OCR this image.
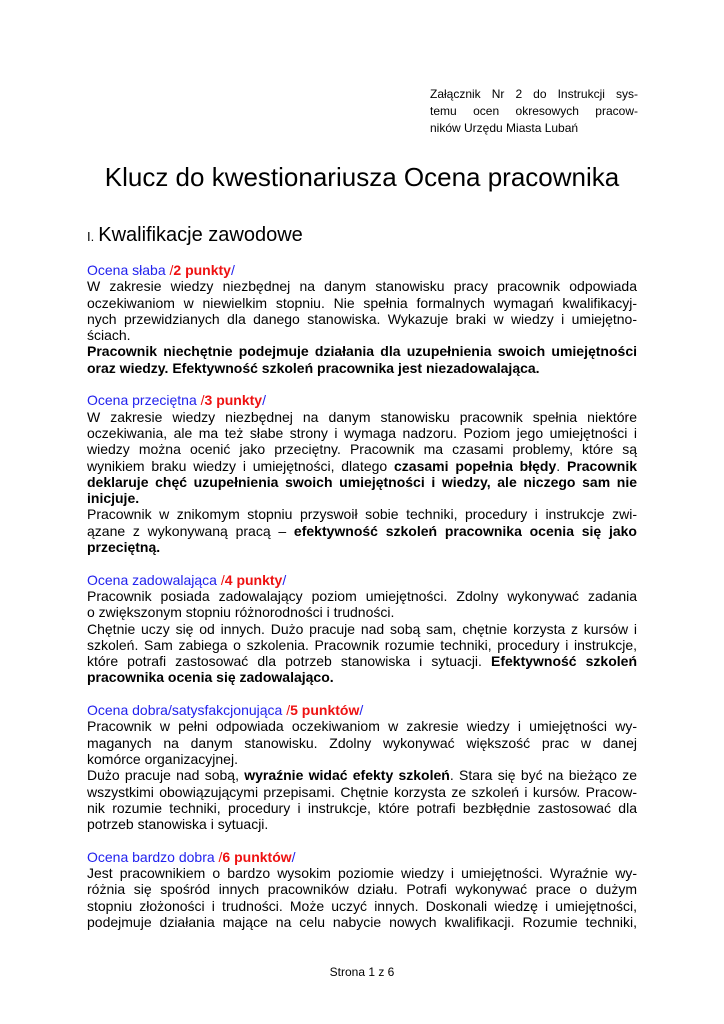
Załącznik Nr 2 do Instrukcji sys-
temu ocen okresowych pracow-
ników Urzędu Miasta Lubań
Klucz do kwestionariusza Ocena pracownika
I. Kwalifikacje zawodowe
Ocena słaba /2 punkty/
W zakresie wiedzy niezbędnej na danym stanowisku pracy pracownik odpowiada
oczekiwaniom w niewielkim stopniu. Nie spełnia formalnych wymagań kwalifikacyj-
nych przewidzianych dla danego stanowiska. Wykazuje braki w wiedzy i umiejętno-
ściach.
Pracownik niechętnie podejmuje działania dla uzupełnienia swoich umiejętności
oraz wiedzy. Efektywność szkoleń pracownika jest niezadowalająca.
Ocena przeciętna /3 punkty/
W zakresie wiedzy niezbędnej na danym stanowisku pracownik spełnia niektóre
oczekiwania, ale ma też słabe strony i wymaga nadzoru. Poziom jego umiejętności i
wiedzy można ocenić jako przeciętny. Pracownik ma czasami problemy, które są
wynikiem braku wiedzy i umiejętności, dlatego czasami popełnia błędy. Pracownik
deklaruje chęć uzupełnienia swoich umiejętności i wiedzy, ale niczego sam nie
inicjuje.
Pracownik w znikomym stopniu przyswoił sobie techniki, procedury i instrukcje zwi-
ązane z wykonywaną pracą – efektywność szkoleń pracownika ocenia się jako
przeciętną.
Ocena zadowalająca /4 punkty/
Pracownik posiada zadowalający poziom umiejętności. Zdolny wykonywać zadania
o zwiększonym stopniu różnorodności i trudności.
Chętnie uczy się od innych. Dużo pracuje nad sobą sam, chętnie korzysta z kursów i
szkoleń. Sam zabiega o szkolenia. Pracownik rozumie techniki, procedury i instrukcje,
które potrafi zastosować dla potrzeb stanowiska i sytuacji. Efektywność szkoleń
pracownika ocenia się zadowalająco.
Ocena dobra/satysfakcjonująca /5 punktów/
Pracownik w pełni odpowiada oczekiwaniom w zakresie wiedzy i umiejętności wy-
maganych na danym stanowisku. Zdolny wykonywać większość prac w danej
komórce organizacyjnej.
Dużo pracuje nad sobą, wyraźnie widać efekty szkoleń. Stara się być na bieżąco ze
wszystkimi obowiązującymi przepisami. Chętnie korzysta ze szkoleń i kursów. Pracow-
nik rozumie techniki, procedury i instrukcje, które potrafi bezbłędnie zastosować dla
potrzeb stanowiska i sytuacji.
Ocena bardzo dobra /6 punktów/
Jest pracownikiem o bardzo wysokim poziomie wiedzy i umiejętności. Wyraźnie wy-
różnia się spośród innych pracowników działu. Potrafi wykonywać prace o dużym
stopniu złożoności i trudności. Może uczyć innych. Doskonali wiedzę i umiejętności,
podejmuje działania mające na celu nabycie nowych kwalifikacji. Rozumie techniki,
Strona 1 z 6
